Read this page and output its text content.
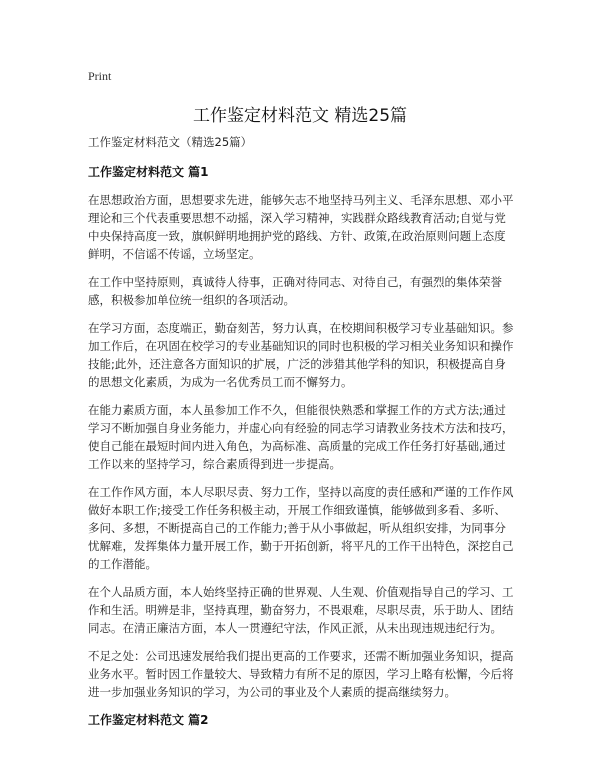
Print
工作鉴定材料范文 精选25篇

工作鉴定材料范文（精选25篇）

工作鉴定材料范文 篇1

在思想政治方面，思想要求先进，能够矢志不地坚持马列主义、毛泽东思想、邓小平理论和三个代表重要思想不动摇，深入学习精神，实践群众路线教育活动;自觉与党中央保持高度一致，旗帜鲜明地拥护党的路线、方针、政策,在政治原则问题上态度鲜明，不信谣不传谣，立场坚定。

在工作中坚持原则，真诚待人待事，正确对待同志、对待自己，有强烈的集体荣誉感，积极参加单位统一组织的各项活动。

在学习方面，态度端正，勤奋刻苦，努力认真，在校期间积极学习专业基础知识。参加工作后，在巩固在校学习的专业基础知识的同时也积极的学习相关业务知识和操作技能;此外，还注意各方面知识的扩展，广泛的涉猎其他学科的知识，积极提高自身的思想文化素质，为成为一名优秀员工而不懈努力。

在能力素质方面，本人虽参加工作不久，但能很快熟悉和掌握工作的方式方法;通过学习不断加强自身业务能力，并虚心向有经验的同志学习请教业务技术方法和技巧，使自己能在最短时间内进入角色，为高标准、高质量的完成工作任务打好基础,通过工作以来的坚持学习，综合素质得到进一步提高。

在工作作风方面，本人尽职尽责、努力工作，坚持以高度的责任感和严谨的工作作风做好本职工作;接受工作任务积极主动，开展工作细致谨慎，能够做到多看、多听、多问、多想，不断提高自己的工作能力;善于从小事做起，听从组织安排，为同事分忧解难，发挥集体力量开展工作，勤于开拓创新，将平凡的工作干出特色，深挖自己的工作潜能。

在个人品质方面，本人始终坚持正确的世界观、人生观、价值观指导自己的学习、工作和生活。明辨是非，坚持真理，勤奋努力，不畏艰难，尽职尽责，乐于助人、团结同志。在清正廉洁方面，本人一贯遵纪守法，作风正派，从未出现违规违纪行为。

不足之处：公司迅速发展给我们提出更高的工作要求，还需不断加强业务知识，提高业务水平。暂时因工作量较大、导致精力有所不足的原因，学习上略有松懈，今后将进一步加强业务知识的学习，为公司的事业及个人素质的提高继续努力。

工作鉴定材料范文 篇2
